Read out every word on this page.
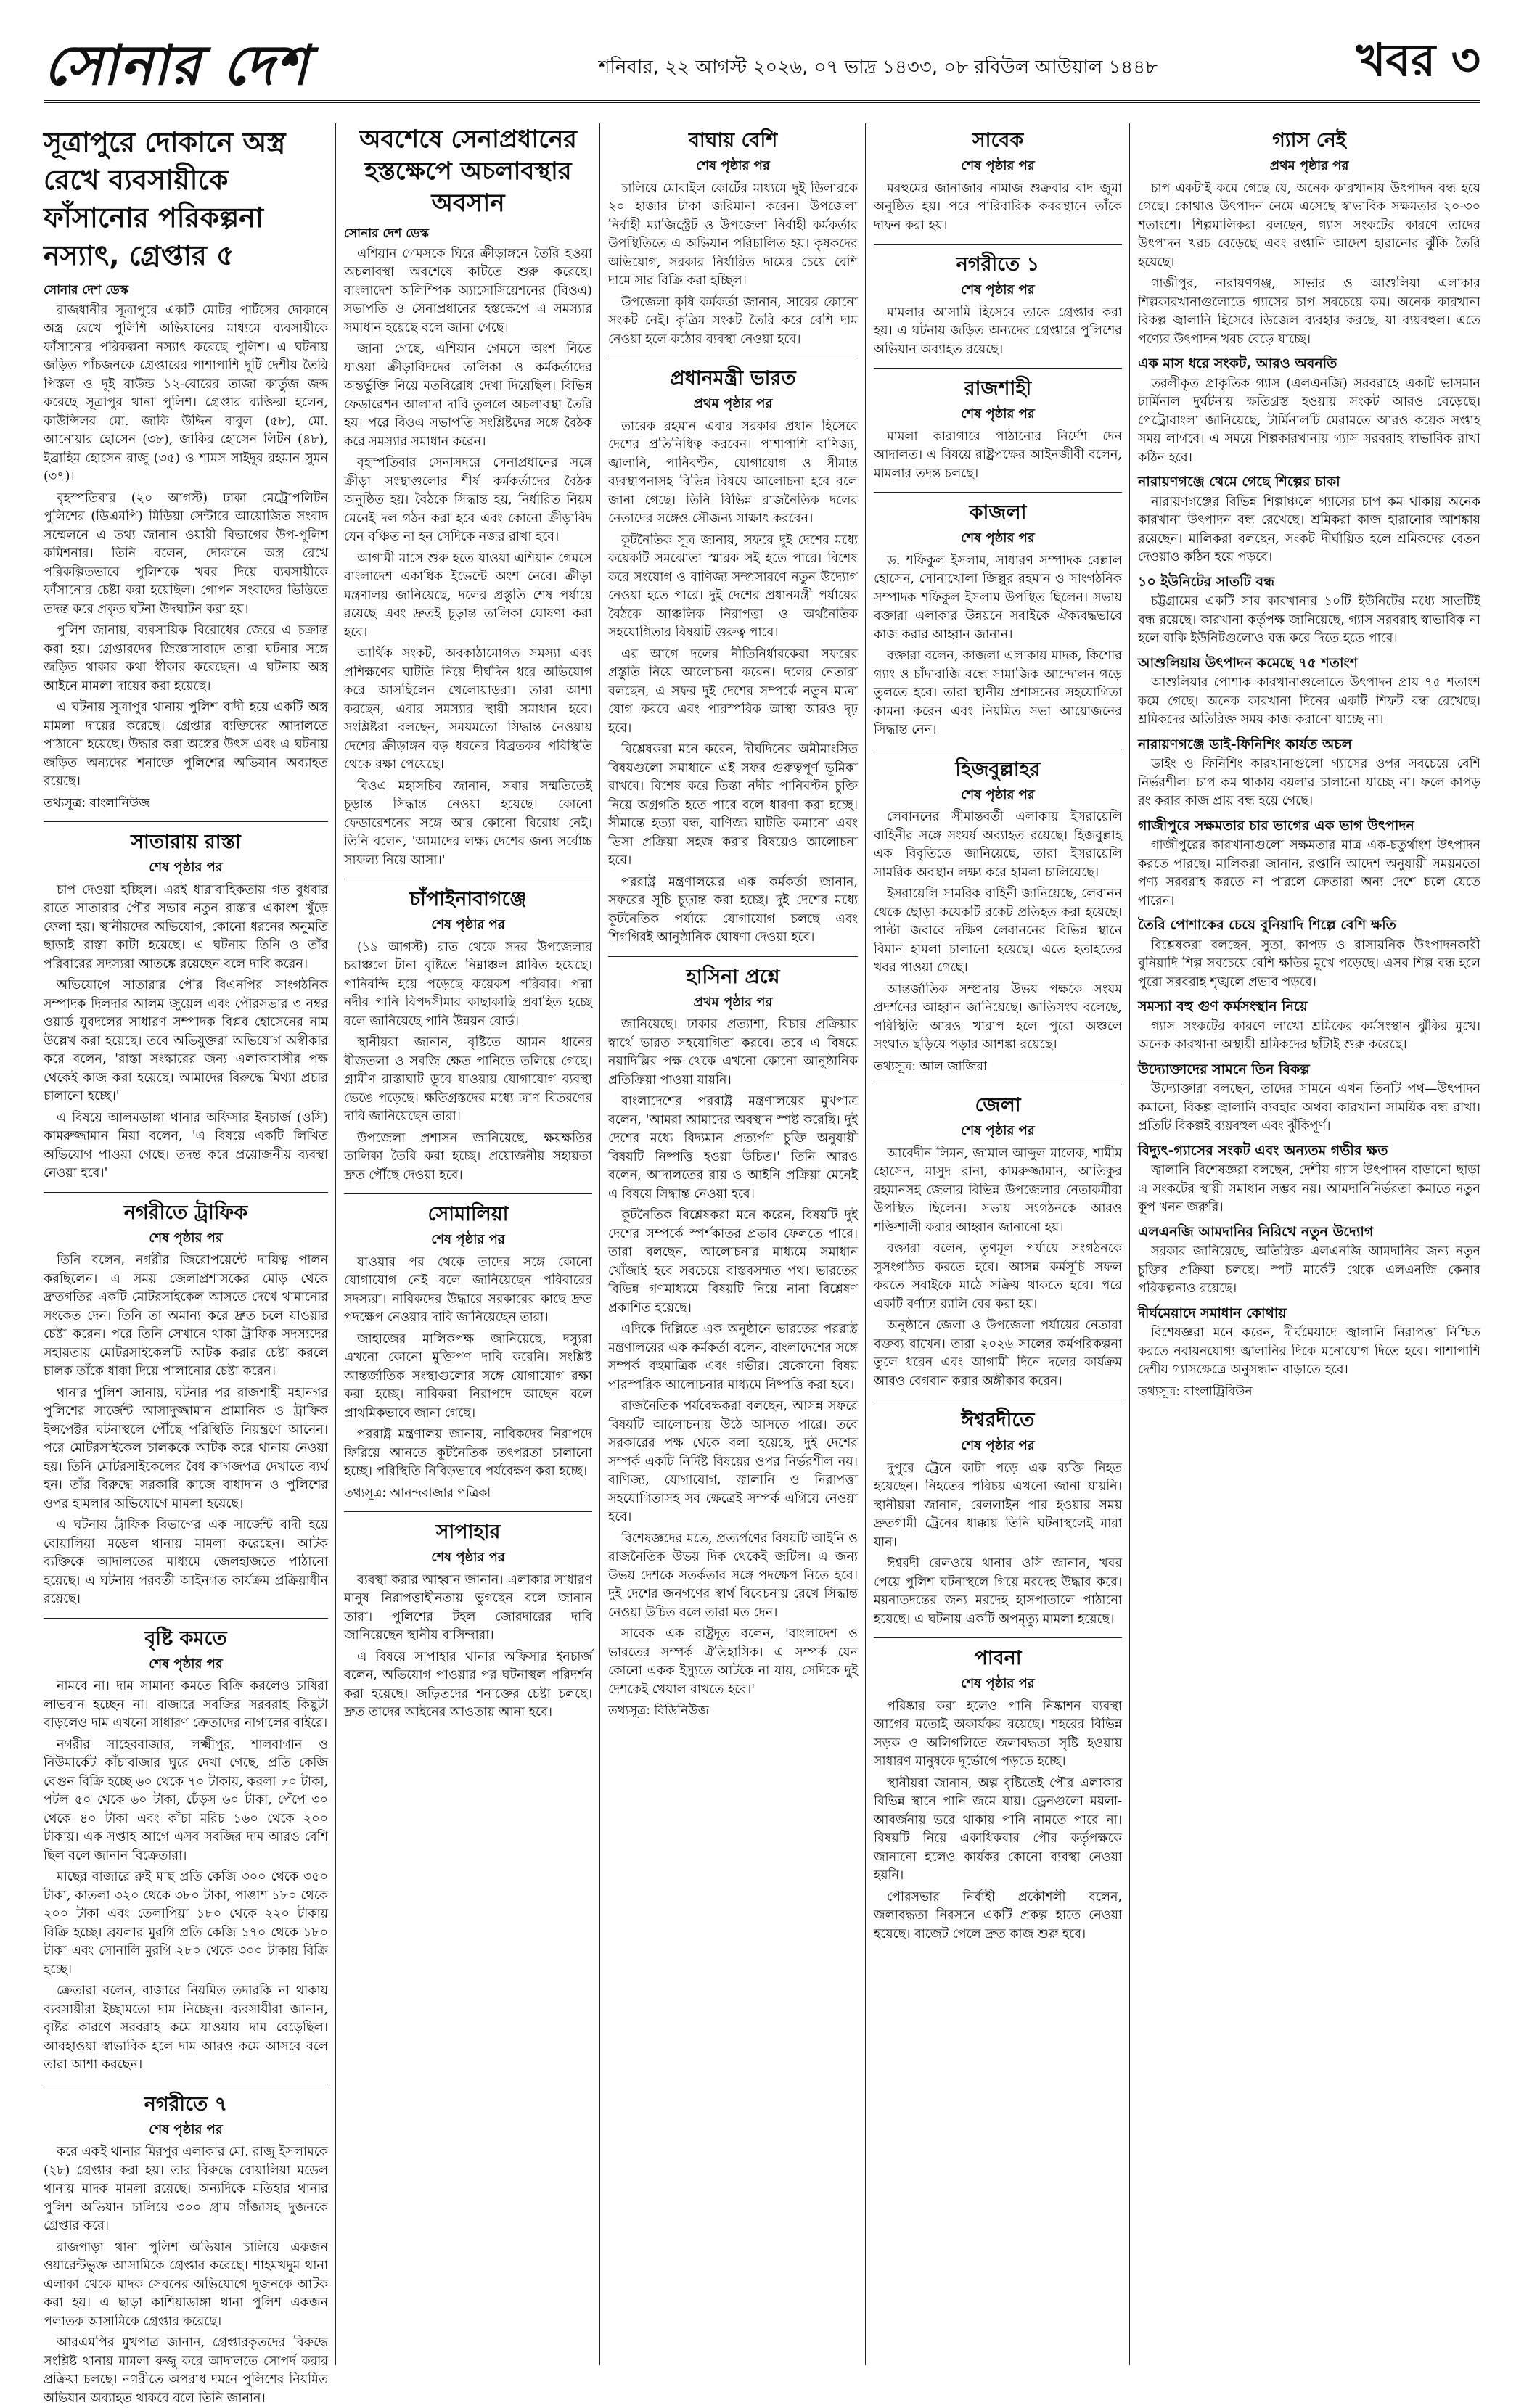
সোনার দেশ	শনিবার, ২২ আগস্ট ২০২৬, ০৭ ভাদ্র ১৪৩৩, ০৮ রবিউল আউয়াল ১৪৪৮	খবর ৩
সূত্রাপুরে দোকানে অস্ত্র রেখে ব্যবসায়ীকে ফাঁসানোর পরিকল্পনা নস্যাৎ, গ্রেপ্তার ৫
সোনার দেশ ডেস্ক

রাজধানীর সূত্রাপুরে একটি মোটর পার্টসের দোকানে অস্ত্র রেখে পুলিশি অভিযানের মাধ্যমে ব্যবসায়ীকে ফাঁসানোর পরিকল্পনা নস্যাৎ করেছে পুলিশ। এ ঘটনায় জড়িত পাঁচজনকে গ্রেপ্তারের পাশাপাশি দুটি দেশীয় তৈরি পিস্তল ও দুই রাউন্ড ১২-বোরের তাজা কার্তুজ জব্দ করেছে সূত্রাপুর থানা পুলিশ। গ্রেপ্তার ব্যক্তিরা হলেন, কাউন্সিলর মো. জাকি উদ্দিন বাবুল (৫৮), মো. আনোয়ার হোসেন (৩৮), জাকির হোসেন লিটন (৪৮), ইব্রাহিম হোসেন রাজু (৩৫) ও শামস সাইদুর রহমান সুমন (৩৭)।

বৃহস্পতিবার (২০ আগস্ট) ঢাকা মেট্রোপলিটন পুলিশের (ডিএমপি) মিডিয়া সেন্টারে আয়োজিত সংবাদ সম্মেলনে এ তথ্য জানান ওয়ারী বিভাগের উপ-পুলিশ কমিশনার। তিনি বলেন, দোকানে অস্ত্র রেখে পরিকল্পিতভাবে পুলিশকে খবর দিয়ে ব্যবসায়ীকে ফাঁসানোর চেষ্টা করা হয়েছিল। গোপন সংবাদের ভিত্তিতে তদন্ত করে প্রকৃত ঘটনা উদঘাটন করা হয়।

পুলিশ জানায়, ব্যবসায়িক বিরোধের জেরে এ চক্রান্ত করা হয়। গ্রেপ্তারদের জিজ্ঞাসাবাদে তারা ঘটনার সঙ্গে জড়িত থাকার কথা স্বীকার করেছেন। এ ঘটনায় অস্ত্র আইনে মামলা দায়ের করা হয়েছে।

এ ঘটনায় সূত্রাপুর থানায় পুলিশ বাদী হয়ে একটি অস্ত্র মামলা দায়ের করেছে। গ্রেপ্তার ব্যক্তিদের আদালতে পাঠানো হয়েছে। উদ্ধার করা অস্ত্রের উৎস এবং এ ঘটনায় জড়িত অন্যদের শনাক্তে পুলিশের অভিযান অব্যাহত রয়েছে।

তথ্যসূত্র: বাংলানিউজ
সাতারায় রাস্তা
শেষ পৃষ্ঠার পর

চাপ দেওয়া হচ্ছিল। এরই ধারাবাহিকতায় গত বুধবার রাতে সাতারার পৌর সভার নতুন রাস্তার একাংশ খুঁড়ে ফেলা হয়। স্থানীয়দের অভিযোগ, কোনো ধরনের অনুমতি ছাড়াই রাস্তা কাটা হয়েছে। এ ঘটনায় তিনি ও তাঁর পরিবারের সদস্যরা আতঙ্কে রয়েছেন বলে দাবি করেন।

অভিযোগে সাতারার পৌর বিএনপির সাংগঠনিক সম্পাদক দিলদার আলম জুয়েল এবং পৌরসভার ৩ নম্বর ওয়ার্ড যুবদলের সাধারণ সম্পাদক বিপ্লব হোসেনের নাম উল্লেখ করা হয়েছে। তবে অভিযুক্তরা অভিযোগ অস্বীকার করে বলেন, 'রাস্তা সংস্কারের জন্য এলাকাবাসীর পক্ষ থেকেই কাজ করা হয়েছে। আমাদের বিরুদ্ধে মিথ্যা প্রচার চালানো হচ্ছে।'

এ বিষয়ে আলমডাঙ্গা থানার অফিসার ইনচার্জ (ওসি) কামরুজ্জামান মিয়া বলেন, 'এ বিষয়ে একটি লিখিত অভিযোগ পাওয়া গেছে। তদন্ত করে প্রয়োজনীয় ব্যবস্থা নেওয়া হবে।'

নগরীতে ট্রাফিক
শেষ পৃষ্ঠার পর

তিনি বলেন, নগরীর জিরোপয়েন্টে দায়িত্ব পালন করছিলেন। এ সময় জেলাপ্রশাসকের মোড় থেকে দ্রুতগতির একটি মোটরসাইকেল আসতে দেখে থামানোর সংকেত দেন। তিনি তা অমান্য করে দ্রুত চলে যাওয়ার চেষ্টা করেন। পরে তিনি সেখানে থাকা ট্রাফিক সদস্যদের সহায়তায় মোটরসাইকেলটি আটক করার চেষ্টা করলে চালক তাঁকে ধাক্কা দিয়ে পালানোর চেষ্টা করেন।

থানার পুলিশ জানায়, ঘটনার পর রাজশাহী মহানগর পুলিশের সার্জেন্ট আসাদুজ্জামান প্রামানিক ও ট্রাফিক ইন্সপেক্টর ঘটনাস্থলে পৌঁছে পরিস্থিতি নিয়ন্ত্রণে আনেন। পরে মোটরসাইকেল চালককে আটক করে থানায় নেওয়া হয়। তিনি মোটরসাইকেলের বৈধ কাগজপত্র দেখাতে ব্যর্থ হন। তাঁর বিরুদ্ধে সরকারি কাজে বাধাদান ও পুলিশের ওপর হামলার অভিযোগে মামলা হয়েছে।

এ ঘটনায় ট্রাফিক বিভাগের এক সার্জেন্ট বাদী হয়ে বোয়ালিয়া মডেল থানায় মামলা করেছেন। আটক ব্যক্তিকে আদালতের মাধ্যমে জেলহাজতে পাঠানো হয়েছে। এ ঘটনায় পরবর্তী আইনগত কার্যক্রম প্রক্রিয়াধীন রয়েছে।

বৃষ্টি কমতে
শেষ পৃষ্ঠার পর

নামবে না। দাম সামান্য কমতে বিক্রি করলেও চাষিরা লাভবান হচ্ছেন না। বাজারে সবজির সরবরাহ কিছুটা বাড়লেও দাম এখনো সাধারণ ক্রেতাদের নাগালের বাইরে।

নগরীর সাহেববাজার, লক্ষ্মীপুর, শালবাগান ও নিউমার্কেট কাঁচাবাজার ঘুরে দেখা গেছে, প্রতি কেজি বেগুন বিক্রি হচ্ছে ৬০ থেকে ৭০ টাকায়, করলা ৮০ টাকা, পটল ৫০ থেকে ৬০ টাকা, ঢেঁড়স ৬০ টাকা, পেঁপে ৩০ থেকে ৪০ টাকা এবং কাঁচা মরিচ ১৬০ থেকে ২০০ টাকায়। এক সপ্তাহ আগে এসব সবজির দাম আরও বেশি ছিল বলে জানান বিক্রেতারা।

মাছের বাজারে রুই মাছ প্রতি কেজি ৩০০ থেকে ৩৫০ টাকা, কাতলা ৩২০ থেকে ৩৮০ টাকা, পাঙাশ ১৮০ থেকে ২০০ টাকা এবং তেলাপিয়া ১৮০ থেকে ২২০ টাকায় বিক্রি হচ্ছে। ব্রয়লার মুরগি প্রতি কেজি ১৭০ থেকে ১৮০ টাকা এবং সোনালি মুরগি ২৮০ থেকে ৩০০ টাকায় বিক্রি হচ্ছে।

ক্রেতারা বলেন, বাজারে নিয়মিত তদারকি না থাকায় ব্যবসায়ীরা ইচ্ছামতো দাম নিচ্ছেন। ব্যবসায়ীরা জানান, বৃষ্টির কারণে সরবরাহ কমে যাওয়ায় দাম বেড়েছিল। আবহাওয়া স্বাভাবিক হলে দাম আরও কমে আসবে বলে তারা আশা করছেন।

নগরীতে ৭
শেষ পৃষ্ঠার পর

করে একই থানার মিরপুর এলাকার মো. রাজু ইসলামকে (২৮) গ্রেপ্তার করা হয়। তার বিরুদ্ধে বোয়ালিয়া মডেল থানায় মাদক মামলা রয়েছে। অন্যদিকে মতিহার থানার পুলিশ অভিযান চালিয়ে ৩০০ গ্রাম গাঁজাসহ দুজনকে গ্রেপ্তার করে।

রাজপাড়া থানা পুলিশ অভিযান চালিয়ে একজন ওয়ারেন্টভুক্ত আসামিকে গ্রেপ্তার করেছে। শাহমখদুম থানা এলাকা থেকে মাদক সেবনের অভিযোগে দুজনকে আটক করা হয়। এ ছাড়া কাশিয়াডাঙ্গা থানা পুলিশ একজন পলাতক আসামিকে গ্রেপ্তার করেছে।

আরএমপির মুখপাত্র জানান, গ্রেপ্তারকৃতদের বিরুদ্ধে সংশ্লিষ্ট থানায় মামলা রুজু করে আদালতে সোপর্দ করার প্রক্রিয়া চলছে। নগরীতে অপরাধ দমনে পুলিশের নিয়মিত অভিযান অব্যাহত থাকবে বলে তিনি জানান।

অবশেষে সেনাপ্রধানের হস্তক্ষেপে অচলাবস্থার অবসান
সোনার দেশ ডেস্ক

এশিয়ান গেমসকে ঘিরে ক্রীড়াঙ্গনে তৈরি হওয়া অচলাবস্থা অবশেষে কাটতে শুরু করেছে। বাংলাদেশ অলিম্পিক অ্যাসোসিয়েশনের (বিওএ) সভাপতি ও সেনাপ্রধানের হস্তক্ষেপে এ সমস্যার সমাধান হয়েছে বলে জানা গেছে।

জানা গেছে, এশিয়ান গেমসে অংশ নিতে যাওয়া ক্রীড়াবিদদের তালিকা ও কর্মকর্তাদের অন্তর্ভুক্তি নিয়ে মতবিরোধ দেখা দিয়েছিল। বিভিন্ন ফেডারেশন আলাদা দাবি তুললে অচলাবস্থা তৈরি হয়। পরে বিওএ সভাপতি সংশ্লিষ্টদের সঙ্গে বৈঠক করে সমস্যার সমাধান করেন।

বৃহস্পতিবার সেনাসদরে সেনাপ্রধানের সঙ্গে ক্রীড়া সংস্থাগুলোর শীর্ষ কর্মকর্তাদের বৈঠক অনুষ্ঠিত হয়। বৈঠকে সিদ্ধান্ত হয়, নির্ধারিত নিয়ম মেনেই দল গঠন করা হবে এবং কোনো ক্রীড়াবিদ যেন বঞ্চিত না হন সেদিকে নজর রাখা হবে।

আগামী মাসে শুরু হতে যাওয়া এশিয়ান গেমসে বাংলাদেশ একাধিক ইভেন্টে অংশ নেবে। ক্রীড়া মন্ত্রণালয় জানিয়েছে, দলের প্রস্তুতি শেষ পর্যায়ে রয়েছে এবং দ্রুতই চূড়ান্ত তালিকা ঘোষণা করা হবে।

আর্থিক সংকট, অবকাঠামোগত সমস্যা এবং প্রশিক্ষণের ঘাটতি নিয়ে দীর্ঘদিন ধরে অভিযোগ করে আসছিলেন খেলোয়াড়রা। তারা আশা করছেন, এবার সমস্যার স্থায়ী সমাধান হবে। সংশ্লিষ্টরা বলছেন, সময়মতো সিদ্ধান্ত নেওয়ায় দেশের ক্রীড়াঙ্গন বড় ধরনের বিব্রতকর পরিস্থিতি থেকে রক্ষা পেয়েছে।

বিওএ মহাসচিব জানান, সবার সম্মতিতেই চূড়ান্ত সিদ্ধান্ত নেওয়া হয়েছে। কোনো ফেডারেশনের সঙ্গে আর কোনো বিরোধ নেই। তিনি বলেন, 'আমাদের লক্ষ্য দেশের জন্য সর্বোচ্চ সাফল্য নিয়ে আসা।'

চাঁপাইনাবাগঞ্জে
শেষ পৃষ্ঠার পর

(১৯ আগস্ট) রাত থেকে সদর উপজেলার চরাঞ্চলে টানা বৃষ্টিতে নিম্নাঞ্চল প্লাবিত হয়েছে। পানিবন্দি হয়ে পড়েছে কয়েকশ পরিবার। পদ্মা নদীর পানি বিপদসীমার কাছাকাছি প্রবাহিত হচ্ছে বলে জানিয়েছে পানি উন্নয়ন বোর্ড।

স্থানীয়রা জানান, বৃষ্টিতে আমন ধানের বীজতলা ও সবজি ক্ষেত পানিতে তলিয়ে গেছে। গ্রামীণ রাস্তাঘাট ডুবে যাওয়ায় যোগাযোগ ব্যবস্থা ভেঙে পড়েছে। ক্ষতিগ্রস্তদের মধ্যে ত্রাণ বিতরণের দাবি জানিয়েছেন তারা।

উপজেলা প্রশাসন জানিয়েছে, ক্ষয়ক্ষতির তালিকা তৈরি করা হচ্ছে। প্রয়োজনীয় সহায়তা দ্রুত পৌঁছে দেওয়া হবে।

সোমালিয়া
শেষ পৃষ্ঠার পর

যাওয়ার পর থেকে তাদের সঙ্গে কোনো যোগাযোগ নেই বলে জানিয়েছেন পরিবারের সদস্যরা। নাবিকদের উদ্ধারে সরকারের কাছে দ্রুত পদক্ষেপ নেওয়ার দাবি জানিয়েছেন তারা।

জাহাজের মালিকপক্ষ জানিয়েছে, দস্যুরা এখনো কোনো মুক্তিপণ দাবি করেনি। সংশ্লিষ্ট আন্তর্জাতিক সংস্থাগুলোর সঙ্গে যোগাযোগ রক্ষা করা হচ্ছে। নাবিকরা নিরাপদে আছেন বলে প্রাথমিকভাবে জানা গেছে।

পররাষ্ট্র মন্ত্রণালয় জানায়, নাবিকদের নিরাপদে ফিরিয়ে আনতে কূটনৈতিক তৎপরতা চালানো হচ্ছে। পরিস্থিতি নিবিড়ভাবে পর্যবেক্ষণ করা হচ্ছে।

তথ্যসূত্র: আনন্দবাজার পত্রিকা
সাপাহার
শেষ পৃষ্ঠার পর

ব্যবস্থা করার আহ্বান জানান। এলাকার সাধারণ মানুষ নিরাপত্তাহীনতায় ভুগছেন বলে জানান তারা। পুলিশের টহল জোরদারের দাবি জানিয়েছেন স্থানীয় বাসিন্দারা।

এ বিষয়ে সাপাহার থানার অফিসার ইনচার্জ বলেন, অভিযোগ পাওয়ার পর ঘটনাস্থল পরিদর্শন করা হয়েছে। জড়িতদের শনাক্তের চেষ্টা চলছে। দ্রুত তাদের আইনের আওতায় আনা হবে।

বাঘায় বেশি
শেষ পৃষ্ঠার পর

চালিয়ে মোবাইল কোর্টের মাধ্যমে দুই ডিলারকে ২০ হাজার টাকা জরিমানা করেন। উপজেলা নির্বাহী ম্যাজিস্ট্রেট ও উপজেলা নির্বাহী কর্মকর্তার উপস্থিতিতে এ অভিযান পরিচালিত হয়। কৃষকদের অভিযোগ, সরকার নির্ধারিত দামের চেয়ে বেশি দামে সার বিক্রি করা হচ্ছিল।

উপজেলা কৃষি কর্মকর্তা জানান, সারের কোনো সংকট নেই। কৃত্রিম সংকট তৈরি করে বেশি দাম নেওয়া হলে কঠোর ব্যবস্থা নেওয়া হবে।

প্রধানমন্ত্রী ভারত
প্রথম পৃষ্ঠার পর

তারেক রহমান এবার সরকার প্রধান হিসেবে দেশের প্রতিনিধিত্ব করবেন। পাশাপাশি বাণিজ্য, জ্বালানি, পানিবণ্টন, যোগাযোগ ও সীমান্ত ব্যবস্থাপনাসহ বিভিন্ন বিষয়ে আলোচনা হবে বলে জানা গেছে। তিনি বিভিন্ন রাজনৈতিক দলের নেতাদের সঙ্গেও সৌজন্য সাক্ষাৎ করবেন।

কূটনৈতিক সূত্র জানায়, সফরে দুই দেশের মধ্যে কয়েকটি সমঝোতা স্মারক সই হতে পারে। বিশেষ করে সংযোগ ও বাণিজ্য সম্প্রসারণে নতুন উদ্যোগ নেওয়া হতে পারে। দুই দেশের প্রধানমন্ত্রী পর্যায়ের বৈঠকে আঞ্চলিক নিরাপত্তা ও অর্থনৈতিক সহযোগিতার বিষয়টি গুরুত্ব পাবে।

এর আগে দলের নীতিনির্ধারকেরা সফরের প্রস্তুতি নিয়ে আলোচনা করেন। দলের নেতারা বলছেন, এ সফর দুই দেশের সম্পর্কে নতুন মাত্রা যোগ করবে এবং পারস্পরিক আস্থা আরও দৃঢ় হবে।

বিশ্লেষকরা মনে করেন, দীর্ঘদিনের অমীমাংসিত বিষয়গুলো সমাধানে এই সফর গুরুত্বপূর্ণ ভূমিকা রাখবে। বিশেষ করে তিস্তা নদীর পানিবণ্টন চুক্তি নিয়ে অগ্রগতি হতে পারে বলে ধারণা করা হচ্ছে। সীমান্তে হত্যা বন্ধ, বাণিজ্য ঘাটতি কমানো এবং ভিসা প্রক্রিয়া সহজ করার বিষয়েও আলোচনা হবে।

পররাষ্ট্র মন্ত্রণালয়ের এক কর্মকর্তা জানান, সফরের সূচি চূড়ান্ত করা হচ্ছে। দুই দেশের মধ্যে কূটনৈতিক পর্যায়ে যোগাযোগ চলছে এবং শিগগিরই আনুষ্ঠানিক ঘোষণা দেওয়া হবে।

হাসিনা প্রশ্নে
প্রথম পৃষ্ঠার পর

জানিয়েছে। ঢাকার প্রত্যাশা, বিচার প্রক্রিয়ার স্বার্থে ভারত সহযোগিতা করবে। তবে এ বিষয়ে নয়াদিল্লির পক্ষ থেকে এখনো কোনো আনুষ্ঠানিক প্রতিক্রিয়া পাওয়া যায়নি।

বাংলাদেশের পররাষ্ট্র মন্ত্রণালয়ের মুখপাত্র বলেন, 'আমরা আমাদের অবস্থান স্পষ্ট করেছি। দুই দেশের মধ্যে বিদ্যমান প্রত্যর্পণ চুক্তি অনুযায়ী বিষয়টি নিষ্পত্তি হওয়া উচিত।' তিনি আরও বলেন, আদালতের রায় ও আইনি প্রক্রিয়া মেনেই এ বিষয়ে সিদ্ধান্ত নেওয়া হবে।

কূটনৈতিক বিশ্লেষকরা মনে করেন, বিষয়টি দুই দেশের সম্পর্কে স্পর্শকাতর প্রভাব ফেলতে পারে। তারা বলছেন, আলোচনার মাধ্যমে সমাধান খোঁজাই হবে সবচেয়ে বাস্তবসম্মত পথ। ভারতের বিভিন্ন গণমাধ্যমে বিষয়টি নিয়ে নানা বিশ্লেষণ প্রকাশিত হয়েছে।

এদিকে দিল্লিতে এক অনুষ্ঠানে ভারতের পররাষ্ট্র মন্ত্রণালয়ের এক কর্মকর্তা বলেন, বাংলাদেশের সঙ্গে সম্পর্ক বহুমাত্রিক এবং গভীর। যেকোনো বিষয় পারস্পরিক আলোচনার মাধ্যমে নিষ্পত্তি করা হবে।

রাজনৈতিক পর্যবেক্ষকরা বলছেন, আসন্ন সফরে বিষয়টি আলোচনায় উঠে আসতে পারে। তবে সরকারের পক্ষ থেকে বলা হয়েছে, দুই দেশের সম্পর্ক একটি নির্দিষ্ট বিষয়ের ওপর নির্ভরশীল নয়। বাণিজ্য, যোগাযোগ, জ্বালানি ও নিরাপত্তা সহযোগিতাসহ সব ক্ষেত্রেই সম্পর্ক এগিয়ে নেওয়া হবে।

বিশেষজ্ঞদের মতে, প্রত্যর্পণের বিষয়টি আইনি ও রাজনৈতিক উভয় দিক থেকেই জটিল। এ জন্য উভয় দেশকে সতর্কতার সঙ্গে পদক্ষেপ নিতে হবে। দুই দেশের জনগণের স্বার্থ বিবেচনায় রেখে সিদ্ধান্ত নেওয়া উচিত বলে তারা মত দেন।

সাবেক এক রাষ্ট্রদূত বলেন, 'বাংলাদেশ ও ভারতের সম্পর্ক ঐতিহাসিক। এ সম্পর্ক যেন কোনো একক ইস্যুতে আটকে না যায়, সেদিকে দুই দেশকেই খেয়াল রাখতে হবে।'

তথ্যসূত্র: বিডিনিউজ
সাবেক
শেষ পৃষ্ঠার পর

মরহুমের জানাজার নামাজ শুক্রবার বাদ জুমা অনুষ্ঠিত হয়। পরে পারিবারিক কবরস্থানে তাঁকে দাফন করা হয়।

নগরীতে ১
শেষ পৃষ্ঠার পর

মামলার আসামি হিসেবে তাকে গ্রেপ্তার করা হয়। এ ঘটনায় জড়িত অন্যদের গ্রেপ্তারে পুলিশের অভিযান অব্যাহত রয়েছে।

রাজশাহী
শেষ পৃষ্ঠার পর

মামলা কারাগারে পাঠানোর নির্দেশ দেন আদালত। এ বিষয়ে রাষ্ট্রপক্ষের আইনজীবী বলেন, মামলার তদন্ত চলছে।

কাজলা
শেষ পৃষ্ঠার পর

ড. শফিকুল ইসলাম, সাধারণ সম্পাদক বেল্লাল হোসেন, সোনাখোলা জিল্লুর রহমান ও সাংগঠনিক সম্পাদক শফিকুল ইসলাম উপস্থিত ছিলেন। সভায় বক্তারা এলাকার উন্নয়নে সবাইকে ঐক্যবদ্ধভাবে কাজ করার আহ্বান জানান।

বক্তারা বলেন, কাজলা এলাকায় মাদক, কিশোর গ্যাং ও চাঁদাবাজি বন্ধে সামাজিক আন্দোলন গড়ে তুলতে হবে। তারা স্থানীয় প্রশাসনের সহযোগিতা কামনা করেন এবং নিয়মিত সভা আয়োজনের সিদ্ধান্ত নেন।

হিজবুল্লাহর
শেষ পৃষ্ঠার পর

লেবাননের সীমান্তবর্তী এলাকায় ইসরায়েলি বাহিনীর সঙ্গে সংঘর্ষ অব্যাহত রয়েছে। হিজবুল্লাহ এক বিবৃতিতে জানিয়েছে, তারা ইসরায়েলি সামরিক অবস্থান লক্ষ্য করে হামলা চালিয়েছে।

ইসরায়েলি সামরিক বাহিনী জানিয়েছে, লেবানন থেকে ছোড়া কয়েকটি রকেট প্রতিহত করা হয়েছে। পাল্টা জবাবে দক্ষিণ লেবাননের বিভিন্ন স্থানে বিমান হামলা চালানো হয়েছে। এতে হতাহতের খবর পাওয়া গেছে।

আন্তর্জাতিক সম্প্রদায় উভয় পক্ষকে সংযম প্রদর্শনের আহ্বান জানিয়েছে। জাতিসংঘ বলেছে, পরিস্থিতি আরও খারাপ হলে পুরো অঞ্চলে সংঘাত ছড়িয়ে পড়ার আশঙ্কা রয়েছে।

তথ্যসূত্র: আল জাজিরা
জেলা
শেষ পৃষ্ঠার পর

আবেদীন লিমন, জামাল আব্দুল মালেক, শামীম হোসেন, মাসুদ রানা, কামরুজ্জামান, আতিকুর রহমানসহ জেলার বিভিন্ন উপজেলার নেতাকর্মীরা উপস্থিত ছিলেন। সভায় সংগঠনকে আরও শক্তিশালী করার আহ্বান জানানো হয়।

বক্তারা বলেন, তৃণমূল পর্যায়ে সংগঠনকে সুসংগঠিত করতে হবে। আসন্ন কর্মসূচি সফল করতে সবাইকে মাঠে সক্রিয় থাকতে হবে। পরে একটি বর্ণাঢ্য র‌্যালি বের করা হয়।

অনুষ্ঠানে জেলা ও উপজেলা পর্যায়ের নেতারা বক্তব্য রাখেন। তারা ২০২৬ সালের কর্মপরিকল্পনা তুলে ধরেন এবং আগামী দিনে দলের কার্যক্রম আরও বেগবান করার অঙ্গীকার করেন।

ঈশ্বরদীতে
শেষ পৃষ্ঠার পর

দুপুরে ট্রেনে কাটা পড়ে এক ব্যক্তি নিহত হয়েছেন। নিহতের পরিচয় এখনো জানা যায়নি। স্থানীয়রা জানান, রেললাইন পার হওয়ার সময় দ্রুতগামী ট্রেনের ধাক্কায় তিনি ঘটনাস্থলেই মারা যান।

ঈশ্বরদী রেলওয়ে থানার ওসি জানান, খবর পেয়ে পুলিশ ঘটনাস্থলে গিয়ে মরদেহ উদ্ধার করে। ময়নাতদন্তের জন্য মরদেহ হাসপাতালে পাঠানো হয়েছে। এ ঘটনায় একটি অপমৃত্যু মামলা হয়েছে।

পাবনা
শেষ পৃষ্ঠার পর

পরিষ্কার করা হলেও পানি নিষ্কাশন ব্যবস্থা আগের মতোই অকার্যকর রয়েছে। শহরের বিভিন্ন সড়ক ও অলিগলিতে জলাবদ্ধতা সৃষ্টি হওয়ায় সাধারণ মানুষকে দুর্ভোগে পড়তে হচ্ছে।

স্থানীয়রা জানান, অল্প বৃষ্টিতেই পৌর এলাকার বিভিন্ন স্থানে পানি জমে যায়। ড্রেনগুলো ময়লা-আবর্জনায় ভরে থাকায় পানি নামতে পারে না। বিষয়টি নিয়ে একাধিকবার পৌর কর্তৃপক্ষকে জানানো হলেও কার্যকর কোনো ব্যবস্থা নেওয়া হয়নি।

পৌরসভার নির্বাহী প্রকৌশলী বলেন, জলাবদ্ধতা নিরসনে একটি প্রকল্প হাতে নেওয়া হয়েছে। বাজেট পেলে দ্রুত কাজ শুরু হবে।

গ্যাস নেই
প্রথম পৃষ্ঠার পর

চাপ একটাই কমে গেছে যে, অনেক কারখানায় উৎপাদন বন্ধ হয়ে গেছে। কোথাও উৎপাদন নেমে এসেছে স্বাভাবিক সক্ষমতার ২০-৩০ শতাংশে। শিল্পমালিকরা বলছেন, গ্যাস সংকটের কারণে তাদের উৎপাদন খরচ বেড়েছে এবং রপ্তানি আদেশ হারানোর ঝুঁকি তৈরি হয়েছে।

গাজীপুর, নারায়ণগঞ্জ, সাভার ও আশুলিয়া এলাকার শিল্পকারখানাগুলোতে গ্যাসের চাপ সবচেয়ে কম। অনেক কারখানা বিকল্প জ্বালানি হিসেবে ডিজেল ব্যবহার করছে, যা ব্যয়বহুল। এতে পণ্যের উৎপাদন খরচ বেড়ে যাচ্ছে।

এক মাস ধরে সংকট, আরও অবনতি

তরলীকৃত প্রাকৃতিক গ্যাস (এলএনজি) সরবরাহে একটি ভাসমান টার্মিনাল দুর্ঘটনায় ক্ষতিগ্রস্ত হওয়ায় সংকট আরও বেড়েছে। পেট্রোবাংলা জানিয়েছে, টার্মিনালটি মেরামতে আরও কয়েক সপ্তাহ সময় লাগবে। এ সময়ে শিল্পকারখানায় গ্যাস সরবরাহ স্বাভাবিক রাখা কঠিন হবে।

নারায়ণগঞ্জে থেমে গেছে শিল্পের চাকা

নারায়ণগঞ্জের বিভিন্ন শিল্পাঞ্চলে গ্যাসের চাপ কম থাকায় অনেক কারখানা উৎপাদন বন্ধ রেখেছে। শ্রমিকরা কাজ হারানোর আশঙ্কায় রয়েছেন। মালিকরা বলছেন, সংকট দীর্ঘায়িত হলে শ্রমিকদের বেতন দেওয়াও কঠিন হয়ে পড়বে।

১০ ইউনিটের সাতটি বন্ধ

চট্টগ্রামের একটি সার কারখানার ১০টি ইউনিটের মধ্যে সাতটিই বন্ধ রয়েছে। কারখানা কর্তৃপক্ষ জানিয়েছে, গ্যাস সরবরাহ স্বাভাবিক না হলে বাকি ইউনিটগুলোও বন্ধ করে দিতে হতে পারে।

আশুলিয়ায় উৎপাদন কমেছে ৭৫ শতাংশ

আশুলিয়ার পোশাক কারখানাগুলোতে উৎপাদন প্রায় ৭৫ শতাংশ কমে গেছে। অনেক কারখানা দিনের একটি শিফট বন্ধ রেখেছে। শ্রমিকদের অতিরিক্ত সময় কাজ করানো যাচ্ছে না।

নারায়ণগঞ্জে ডাই-ফিনিশিং কার্যত অচল

ডাইং ও ফিনিশিং কারখানাগুলো গ্যাসের ওপর সবচেয়ে বেশি নির্ভরশীল। চাপ কম থাকায় বয়লার চালানো যাচ্ছে না। ফলে কাপড় রং করার কাজ প্রায় বন্ধ হয়ে গেছে।

গাজীপুরে সক্ষমতার চার ভাগের এক ভাগ উৎপাদন

গাজীপুরের কারখানাগুলো সক্ষমতার মাত্র এক-চতুর্থাংশ উৎপাদন করতে পারছে। মালিকরা জানান, রপ্তানি আদেশ অনুযায়ী সময়মতো পণ্য সরবরাহ করতে না পারলে ক্রেতারা অন্য দেশে চলে যেতে পারেন।

তৈরি পোশাকের চেয়ে বুনিয়াদি শিল্পে বেশি ক্ষতি

বিশ্লেষকরা বলছেন, সুতা, কাপড় ও রাসায়নিক উৎপাদনকারী বুনিয়াদি শিল্প সবচেয়ে বেশি ক্ষতির মুখে পড়েছে। এসব শিল্প বন্ধ হলে পুরো সরবরাহ শৃঙ্খলে প্রভাব পড়বে।

সমস্যা বহু গুণ কর্মসংস্থান নিয়ে

গ্যাস সংকটের কারণে লাখো শ্রমিকের কর্মসংস্থান ঝুঁকির মুখে। অনেক কারখানা অস্থায়ী শ্রমিকদের ছাঁটাই শুরু করেছে।

উদ্যোক্তাদের সামনে তিন বিকল্প

উদ্যোক্তারা বলছেন, তাদের সামনে এখন তিনটি পথ—উৎপাদন কমানো, বিকল্প জ্বালানি ব্যবহার অথবা কারখানা সাময়িক বন্ধ রাখা। প্রতিটি বিকল্পই ব্যয়বহুল এবং ঝুঁকিপূর্ণ।

বিদ্যুৎ-গ্যাসের সংকট এবং অন্যতম গভীর ক্ষত

জ্বালানি বিশেষজ্ঞরা বলছেন, দেশীয় গ্যাস উৎপাদন বাড়ানো ছাড়া এ সংকটের স্থায়ী সমাধান সম্ভব নয়। আমদানিনির্ভরতা কমাতে নতুন কূপ খনন জরুরি।

এলএনজি আমদানির নিরিখে নতুন উদ্যোগ

সরকার জানিয়েছে, অতিরিক্ত এলএনজি আমদানির জন্য নতুন চুক্তির প্রক্রিয়া চলছে। স্পট মার্কেট থেকে এলএনজি কেনার পরিকল্পনাও রয়েছে।

দীর্ঘমেয়াদে সমাধান কোথায়

বিশেষজ্ঞরা মনে করেন, দীর্ঘমেয়াদে জ্বালানি নিরাপত্তা নিশ্চিত করতে নবায়নযোগ্য জ্বালানির দিকে মনোযোগ দিতে হবে। পাশাপাশি দেশীয় গ্যাসক্ষেত্রে অনুসন্ধান বাড়াতে হবে।

তথ্যসূত্র: বাংলাট্রিবিউন
